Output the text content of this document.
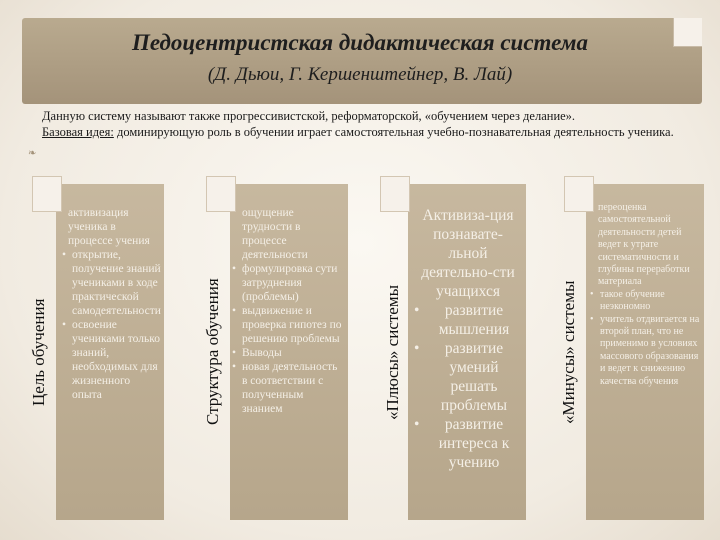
Педоцентристская дидактическая система
(Д. Дьюи, Г. Кершенштейнер, В. Лай)
❧

Данную систему называют также прогрессивистской, реформаторской, «обучением через делание».

Базовая идея: доминирующую роль в обучении играет самостоятельная учебно-познавательная деятельность ученика.

Цель обучения
активизация ученика в процессе учения
• открытие, получение знаний учениками в ходе практической самодеятельности
• освоение учениками только знаний, необходимых для жизненного опыта	Структура обучения
ощущение трудности в процессе деятельности
• формулировка сути затруднения (проблемы)
• выдвижение и проверка гипотез по решению проблемы
• Выводы
• новая деятельность в соответствии с полученным знанием	«Плюсы» системы
Активиза-ция познавате-льной деятельно-сти учащихся
• развитие мышления
• развитие умений решать проблемы
• развитие интереса к учению
«Минусы» системы
переоценка самостоятельной деятельности детей ведет к утрате систематичности и глубины переработки материала
• такое обучение неэкономно
• учитель отдвигается на второй план, что не применимо в условиях массового образования и ведет к снижению качества обучения
